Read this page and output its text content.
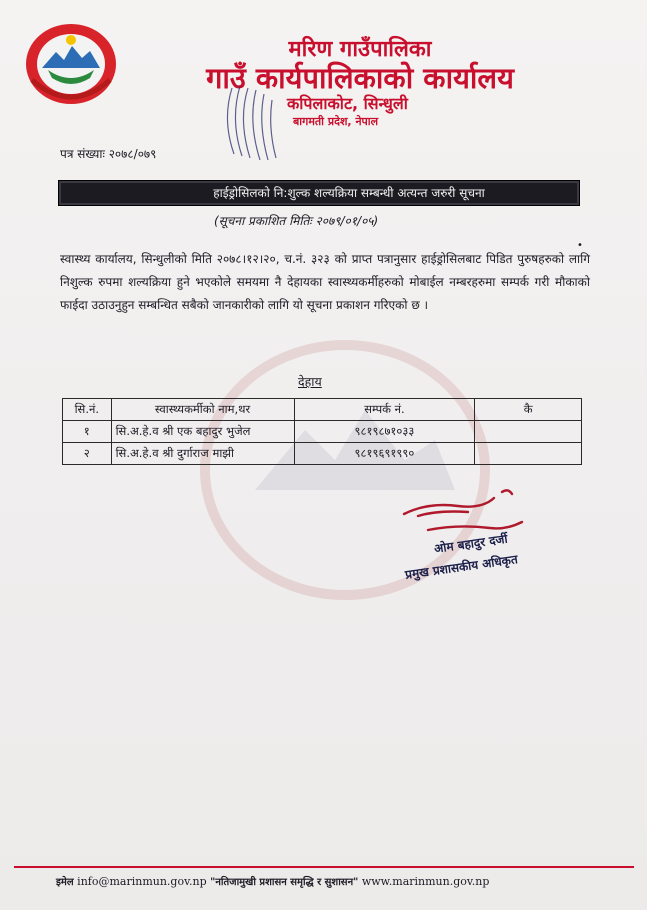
मरिण गाउँपालिका
गाउँ कार्यपालिकाको कार्यालय
कपिलाकोट, सिन्धुली
बागमती प्रदेश, नेपाल
पत्र संख्याः २०७८/०७९
हाईड्रोसिलको नि:शुल्क शल्यक्रिया सम्बन्धी अत्यन्त जरुरी सूचना
(सूचना प्रकाशित मितिः २०७९/०१/०५)
•
स्वास्थ्य कार्यालय, सिन्धुलीको मिति २०७८।१२।२०, च.नं. ३२३ को प्राप्त पत्रानुसार हाईड्रोसिलबाट पिडित पुरुषहरुको लागि निशुल्क रुपमा शल्यक्रिया हुने भएकोले समयमा नै देहायका स्वास्थ्यकर्मीहरुको मोबाईल नम्बरहरुमा सम्पर्क गरी मौकाको फाईदा उठाउनुहुन सम्बन्धित सबैको जानकारीको लागि यो सूचना प्रकाशन गरिएको छ ।
देहाय
सि.नं.	स्वास्थ्यकर्मीको नाम,थर	सम्पर्क नं.	कै
१	सि.अ.हे.व श्री एक बहादुर भुजेल	९८१९८७१०३३	
२	सि.अ.हे.व श्री दुर्गाराज माझी	९८१९६९१९९०	
ओम बहादुर दर्जी
प्रमुख प्रशासकीय अधिकृत
इमेल info@marinmun.gov.np "नतिजामुखी प्रशासन समृद्धि र सुशासन" www.marinmun.gov.np
